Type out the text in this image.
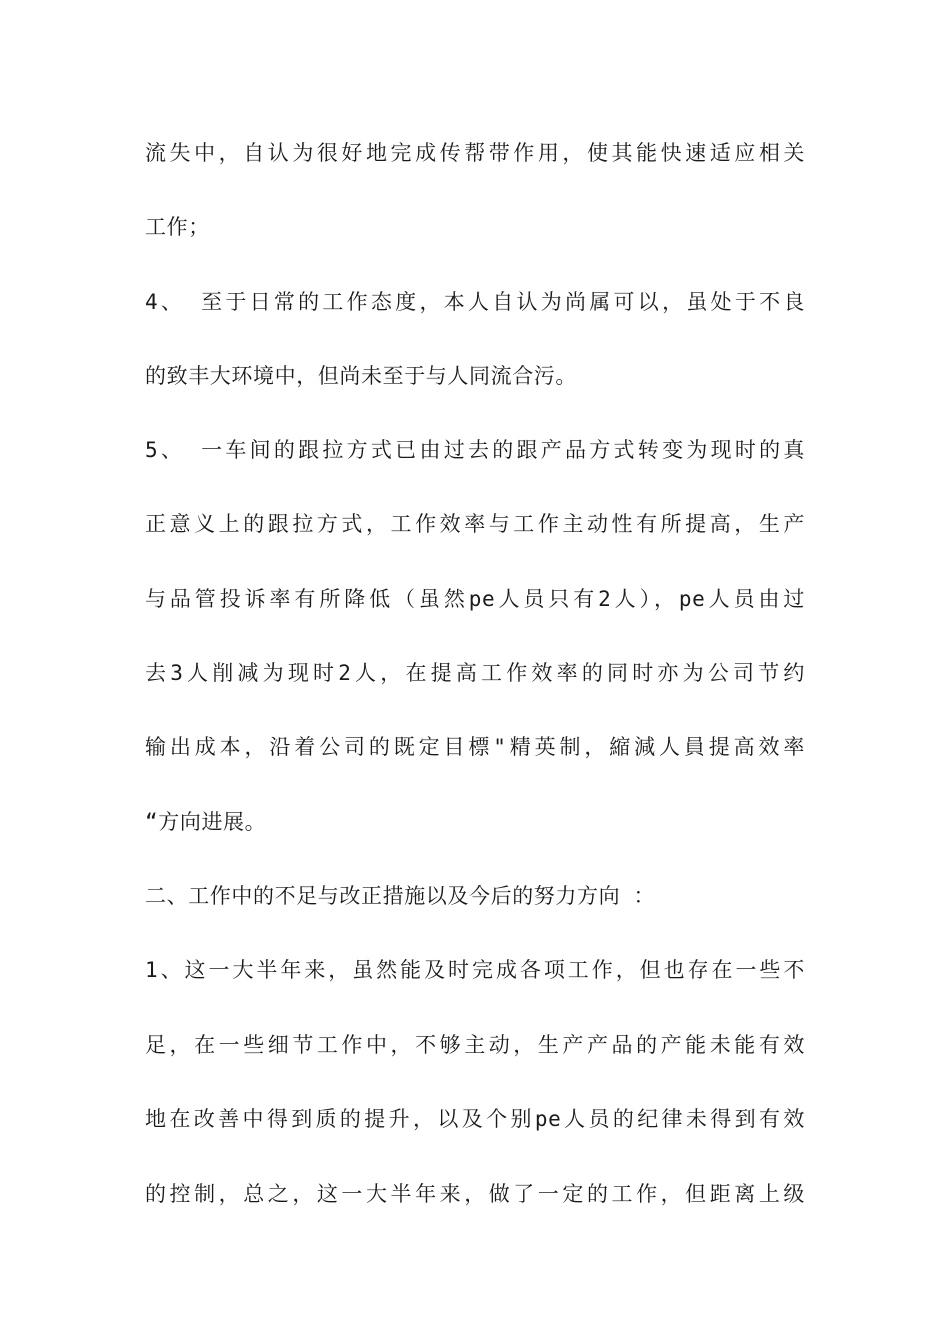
流失中，自认为很好地完成传帮带作用，使其能快速适应相关
工作；
4、 至于日常的工作态度，本人自认为尚属可以，虽处于不良
的致丰大环境中，但尚未至于与人同流合污。
5、 一车间的跟拉方式已由过去的跟产品方式转变为现时的真
正意义上的跟拉方式，工作效率与工作主动性有所提高，生产
与品管投诉率有所降低（虽然pe人员只有2人），pe人员由过
去3人削减为现时2人，在提高工作效率的同时亦为公司节约
输出成本，沿着公司的既定目標"精英制，縮減人員提高效率
“方向进展。
二、工作中的不足与改正措施以及今后的努力方向 ：
1、这一大半年来，虽然能及时完成各项工作，但也存在一些不
足，在一些细节工作中，不够主动，生产产品的产能未能有效
地在改善中得到质的提升，以及个别pe人员的纪律未得到有效
的控制，总之，这一大半年来，做了一定的工作，但距离上级
